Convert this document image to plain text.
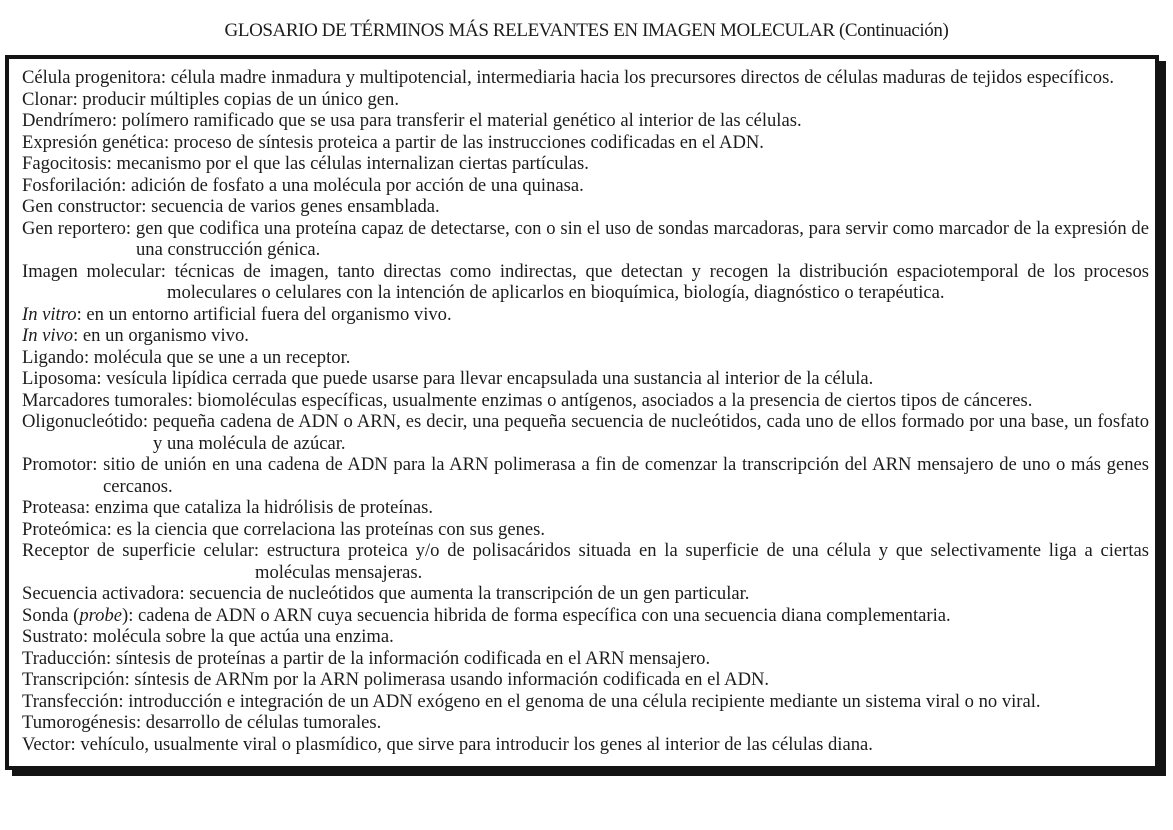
GLOSARIO DE TÉRMINOS MÁS RELEVANTES EN IMAGEN MOLECULAR (Continuación)
Célula progenitora: célula madre inmadura y multipotencial, intermediaria hacia los precursores directos de células maduras de tejidos específicos.
Clonar: producir múltiples copias de un único gen.
Dendrímero: polímero ramificado que se usa para transferir el material genético al interior de las células.
Expresión genética: proceso de síntesis proteica a partir de las instrucciones codificadas en el ADN.
Fagocitosis: mecanismo por el que las células internalizan ciertas partículas.
Fosforilación: adición de fosfato a una molécula por acción de una quinasa.
Gen constructor: secuencia de varios genes ensamblada.
Gen reportero: gen que codifica una proteína capaz de detectarse, con o sin el uso de sondas marcadoras, para servir como marcador de la expresión de una construcción génica.
Imagen molecular: técnicas de imagen, tanto directas como indirectas, que detectan y recogen la distribución espaciotemporal de los procesos moleculares o celulares con la intención de aplicarlos en bioquímica, biología, diagnóstico o terapéutica.
In vitro: en un entorno artificial fuera del organismo vivo.
In vivo: en un organismo vivo.
Ligando: molécula que se une a un receptor.
Liposoma: vesícula lipídica cerrada que puede usarse para llevar encapsulada una sustancia al interior de la célula.
Marcadores tumorales: biomoléculas específicas, usualmente enzimas o antígenos, asociados a la presencia de ciertos tipos de cánceres.
Oligonucleótido: pequeña cadena de ADN o ARN, es decir, una pequeña secuencia de nucleótidos, cada uno de ellos formado por una base, un fosfato y una molécula de azúcar.
Promotor: sitio de unión en una cadena de ADN para la ARN polimerasa a fin de comenzar la transcripción del ARN mensajero de uno o más genes cercanos.
Proteasa: enzima que cataliza la hidrólisis de proteínas.
Proteómica: es la ciencia que correlaciona las proteínas con sus genes.
Receptor de superficie celular: estructura proteica y/o de polisacáridos situada en la superficie de una célula y que selectivamente liga a ciertas moléculas mensajeras.
Secuencia activadora: secuencia de nucleótidos que aumenta la transcripción de un gen particular.
Sonda (probe): cadena de ADN o ARN cuya secuencia hibrida de forma específica con una secuencia diana complementaria.
Sustrato: molécula sobre la que actúa una enzima.
Traducción: síntesis de proteínas a partir de la información codificada en el ARN mensajero.
Transcripción: síntesis de ARNm por la ARN polimerasa usando información codificada en el ADN.
Transfección: introducción e integración de un ADN exógeno en el genoma de una célula recipiente mediante un sistema viral o no viral.
Tumorogénesis: desarrollo de células tumorales.
Vector: vehículo, usualmente viral o plasmídico, que sirve para introducir los genes al interior de las células diana.
